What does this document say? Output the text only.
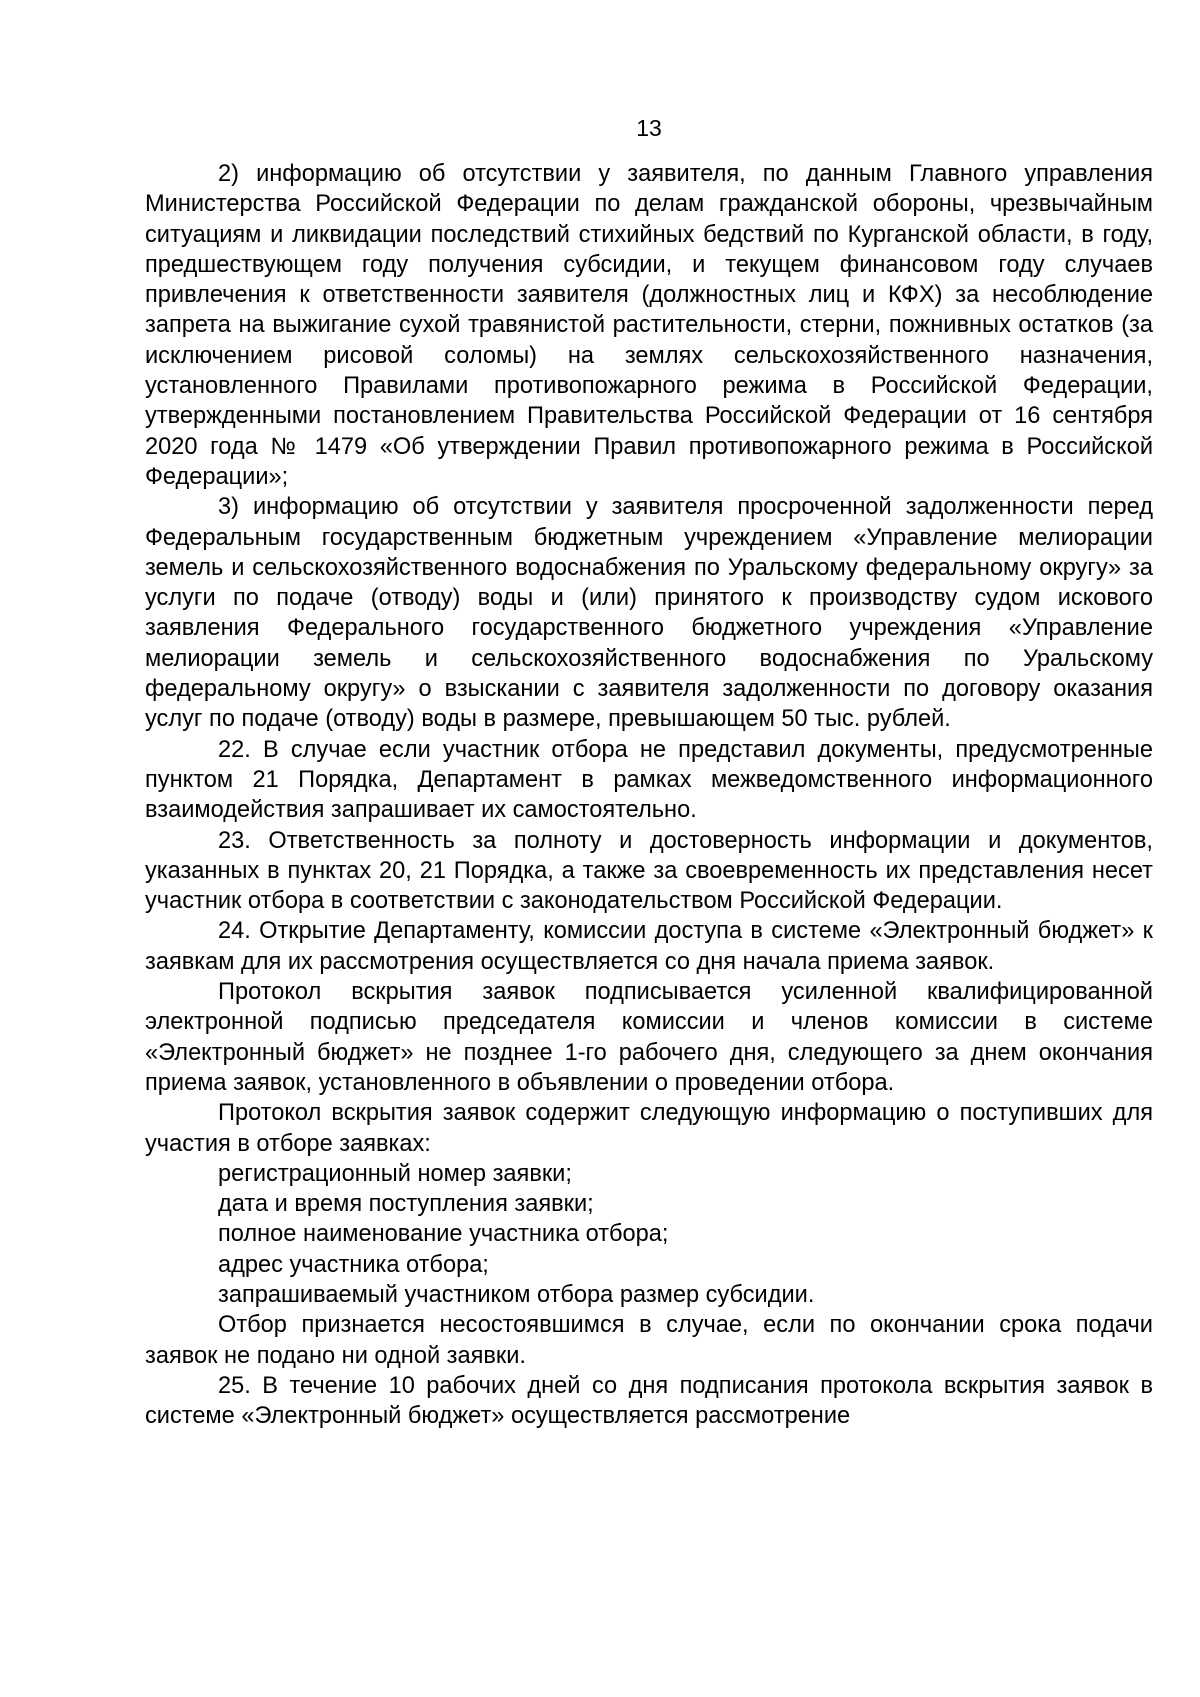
13

2) информацию об отсутствии у заявителя, по данным Главного управления Министерства Российской Федерации по делам гражданской обороны, чрезвычайным ситуациям и ликвидации последствий стихийных бедствий по Курганской области, в году, предшествующем году получения субсидии, и текущем финансовом году случаев привлечения к ответственности заявителя (должностных лиц и КФХ) за несоблюдение запрета на выжигание сухой травянистой растительности, стерни, пожнивных остатков (за исключением рисовой соломы) на землях сельскохозяйственного назначения, установленного Правилами противопожарного режима в Российской Федерации, утвержденными постановлением Правительства Российской Федерации от 16 сентября 2020 года № 1479 «Об утверждении Правил противопожарного режима в Российской Федерации»;

3) информацию об отсутствии у заявителя просроченной задолженности перед Федеральным государственным бюджетным учреждением «Управление мелиорации земель и сельскохозяйственного водоснабжения по Уральскому федеральному округу» за услуги по подаче (отводу) воды и (или) принятого к производству судом искового заявления Федерального государственного бюджетного учреждения «Управление мелиорации земель и сельскохозяйственного водоснабжения по Уральскому федеральному округу» о взыскании с заявителя задолженности по договору оказания услуг по подаче (отводу) воды в размере, превышающем 50 тыс. рублей.

22. В случае если участник отбора не представил документы, предусмотренные пунктом 21 Порядка, Департамент в рамках межведомственного информационного взаимодействия запрашивает их самостоятельно.

23. Ответственность за полноту и достоверность информации и документов, указанных в пунктах 20, 21 Порядка, а также за своевременность их представления несет участник отбора в соответствии с законодательством Российской Федерации.

24. Открытие Департаменту, комиссии доступа в системе «Электронный бюджет» к заявкам для их рассмотрения осуществляется со дня начала приема заявок.

Протокол вскрытия заявок подписывается усиленной квалифицированной электронной подписью председателя комиссии и членов комиссии в системе «Электронный бюджет» не позднее 1-го рабочего дня, следующего за днем окончания приема заявок, установленного в объявлении о проведении отбора.

Протокол вскрытия заявок содержит следующую информацию о поступивших для участия в отборе заявках:

регистрационный номер заявки;

дата и время поступления заявки;

полное наименование участника отбора;

адрес участника отбора;

запрашиваемый участником отбора размер субсидии.

Отбор признается несостоявшимся в случае, если по окончании срока подачи заявок не подано ни одной заявки.

25. В течение 10 рабочих дней со дня подписания протокола вскрытия заявок в системе «Электронный бюджет» осуществляется рассмотрение
